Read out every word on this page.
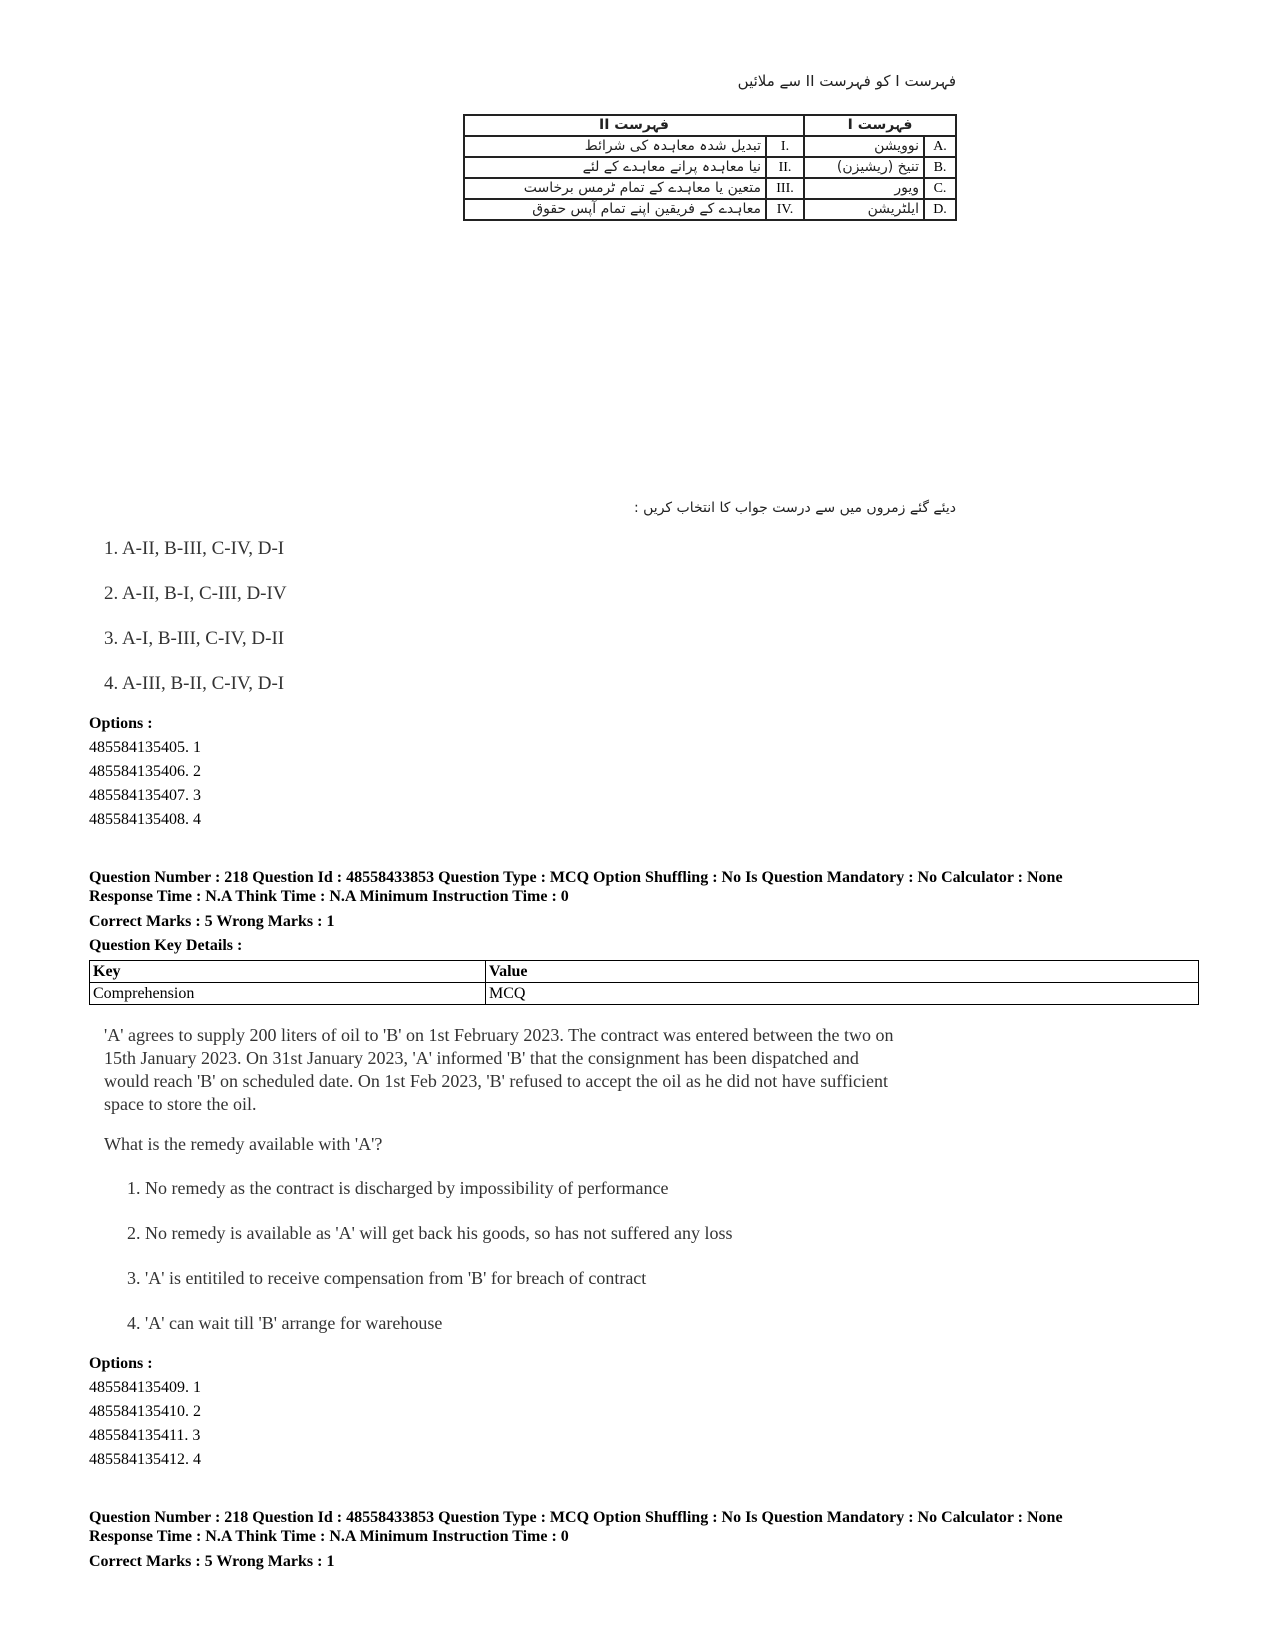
فہرست I کو فہرست II سے ملائیں
فہرست I		فہرست II	
A.	نوویشن	I.	تبدیل شدہ معاہدہ کی شرائط
B.	تنیخ (ریشیزن)	II.	نیا معاہدہ پرانے معاہدے کے لئے
C.	ویور	III.	متعین یا معاہدے کے تمام ٹرمس برخاست
D.	ایلٹریشن	IV.	معاہدے کے فریقین اپنے تمام آپس حقوق
دیئے گئے زمروں میں سے درست جواب کا انتخاب کریں :
1. A-II, B-III, C-IV, D-I
2. A-II, B-I, C-III, D-IV
3. A-I, B-III, C-IV, D-II
4. A-III, B-II, C-IV, D-I
Options :
485584135405. 1
485584135406. 2
485584135407. 3
485584135408. 4
Question Number : 218 Question Id : 48558433853 Question Type : MCQ Option Shuffling : No Is Question Mandatory : No Calculator : None
Response Time : N.A Think Time : N.A Minimum Instruction Time : 0
Correct Marks : 5 Wrong Marks : 1
Question Key Details :
Key	Value
Comprehension	MCQ
'A' agrees to supply 200 liters of oil to 'B' on 1st February 2023. The contract was entered between the two on
15th January 2023. On 31st January 2023, 'A' informed 'B' that the consignment has been dispatched and
would reach 'B' on scheduled date. On 1st Feb 2023, 'B' refused to accept the oil as he did not have sufficient
space to store the oil.
What is the remedy available with 'A'?
1. No remedy as the contract is discharged by impossibility of performance
2. No remedy is available as 'A' will get back his goods, so has not suffered any loss
3. 'A' is entitiled to receive compensation from 'B' for breach of contract
4. 'A' can wait till 'B' arrange for warehouse
Options :
485584135409. 1
485584135410. 2
485584135411. 3
485584135412. 4
Question Number : 218 Question Id : 48558433853 Question Type : MCQ Option Shuffling : No Is Question Mandatory : No Calculator : None
Response Time : N.A Think Time : N.A Minimum Instruction Time : 0
Correct Marks : 5 Wrong Marks : 1
